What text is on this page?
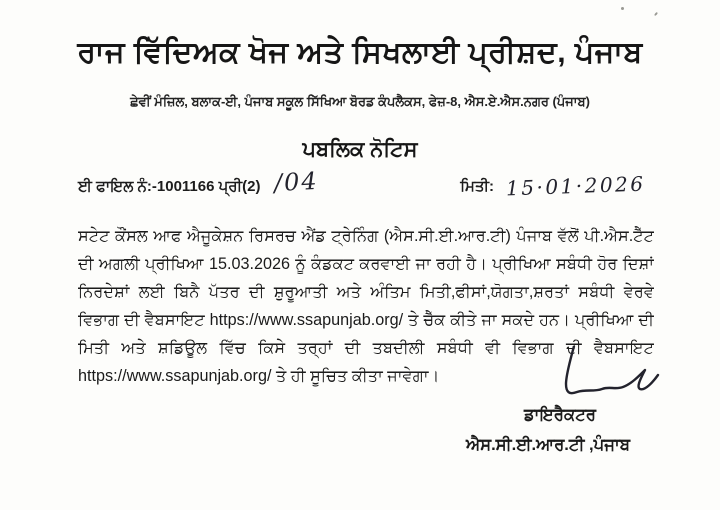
ਰਾਜ ਵਿੱਦਿਅਕ ਖੋਜ ਅਤੇ ਸਿਖਲਾਈ ਪ੍ਰੀਸ਼ਦ, ਪੰਜਾਬ
ਛੇਵੀਂ ਮੰਜ਼ਿਲ, ਬਲਾਕ-ਈ, ਪੰਜਾਬ ਸਕੂਲ ਸਿੱਖਿਆ ਬੋਰਡ ਕੰਪਲੈਕਸ, ਫੇਜ਼-8, ਐਸ.ਏ.ਐਸ.ਨਗਰ (ਪੰਜਾਬ)
ਪਬਲਿਕ ਨੋਟਿਸ
ਈ ਫਾਇਲ ਨੰ:-1001166 ਪ੍ਰੀ(2) /04	ਮਿਤੀ: 15·01·2026
ਸਟੇਟ ਕੌਂਸਲ ਆਫ ਐਜੂਕੇਸ਼ਨ ਰਿਸਰਚ ਐਂਡ ਟ੍ਰੇਨਿੰਗ (ਐਸ.ਸੀ.ਈ.ਆਰ.ਟੀ) ਪੰਜਾਬ ਵੱਲੋਂ ਪੀ.ਐਸ.ਟੈੱਟ
ਦੀ ਅਗਲੀ ਪ੍ਰੀਖਿਆ 15.03.2026 ਨੂੰ ਕੰਡਕਟ ਕਰਵਾਈ ਜਾ ਰਹੀ ਹੈ। ਪ੍ਰੀਖਿਆ ਸਬੰਧੀ ਹੋਰ ਦਿਸ਼ਾਂ
ਨਿਰਦੇਸ਼ਾਂ ਲਈ ਬਿਨੈ ਪੱਤਰ ਦੀ ਸ਼ੁਰੂਆਤੀ ਅਤੇ ਅੰਤਿਮ ਮਿਤੀ,ਫੀਸਾਂ,ਯੋਗਤਾ,ਸ਼ਰਤਾਂ ਸਬੰਧੀ ਵੇਰਵੇ
ਵਿਭਾਗ ਦੀ ਵੈਬਸਾਇਟ https://www.ssapunjab.org/ ਤੇ ਚੈੱਕ ਕੀਤੇ ਜਾ ਸਕਦੇ ਹਨ। ਪ੍ਰੀਖਿਆ ਦੀ
ਮਿਤੀ ਅਤੇ ਸ਼ਡਿਊਲ ਵਿੱਚ ਕਿਸੇ ਤਰ੍ਹਾਂ ਦੀ ਤਬਦੀਲੀ ਸਬੰਧੀ ਵੀ ਵਿਭਾਗ ਦੀ ਵੈਬਸਾਇਟ
https://www.ssapunjab.org/ ਤੇ ਹੀ ਸੂਚਿਤ ਕੀਤਾ ਜਾਵੇਗਾ।
ਡਾਇਰੈਕਟਰ
ਐਸ.ਸੀ.ਈ.ਆਰ.ਟੀ ,ਪੰਜਾਬ
